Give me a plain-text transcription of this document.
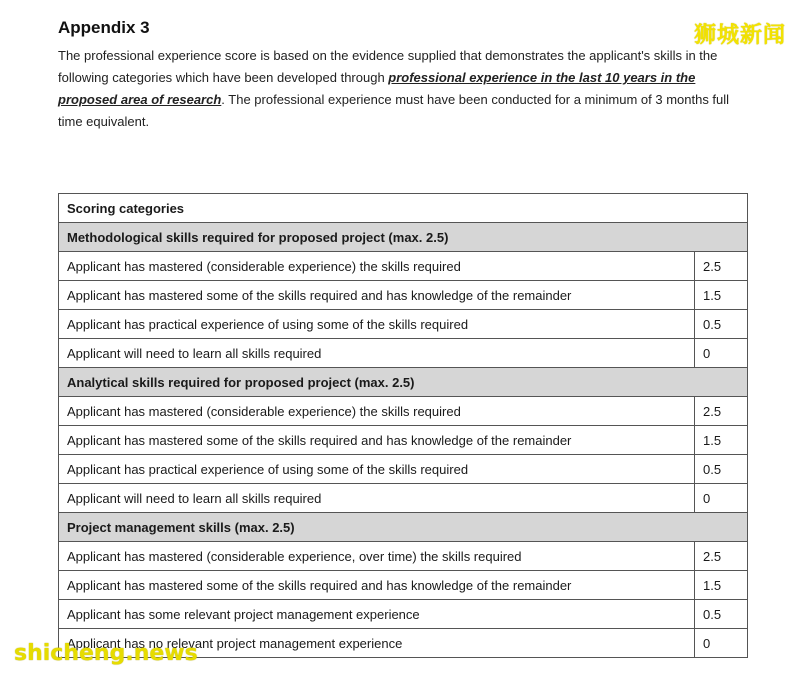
Appendix 3
The professional experience score is based on the evidence supplied that demonstrates the applicant's skills in the following categories which have been developed through professional experience in the last 10 years in the proposed area of research. The professional experience must have been conducted for a minimum of 3 months full time equivalent.
狮城新闻
Scoring categories	
Methodological skills required for proposed project (max. 2.5)	
Applicant has mastered (considerable experience) the skills required	2.5
Applicant has mastered some of the skills required and has knowledge of the remainder	1.5
Applicant has practical experience of using some of the skills required	0.5
Applicant will need to learn all skills required	0
Analytical skills required for proposed project (max. 2.5)	
Applicant has mastered (considerable experience) the skills required	2.5
Applicant has mastered some of the skills required and has knowledge of the remainder	1.5
Applicant has practical experience of using some of the skills required	0.5
Applicant will need to learn all skills required	0
Project management skills (max. 2.5)	
Applicant has mastered (considerable experience, over time) the skills required	2.5
Applicant has mastered some of the skills required and has knowledge of the remainder	1.5
Applicant has some relevant project management experience	0.5
Applicant has no relevant project management experience	0
shicheng.news
